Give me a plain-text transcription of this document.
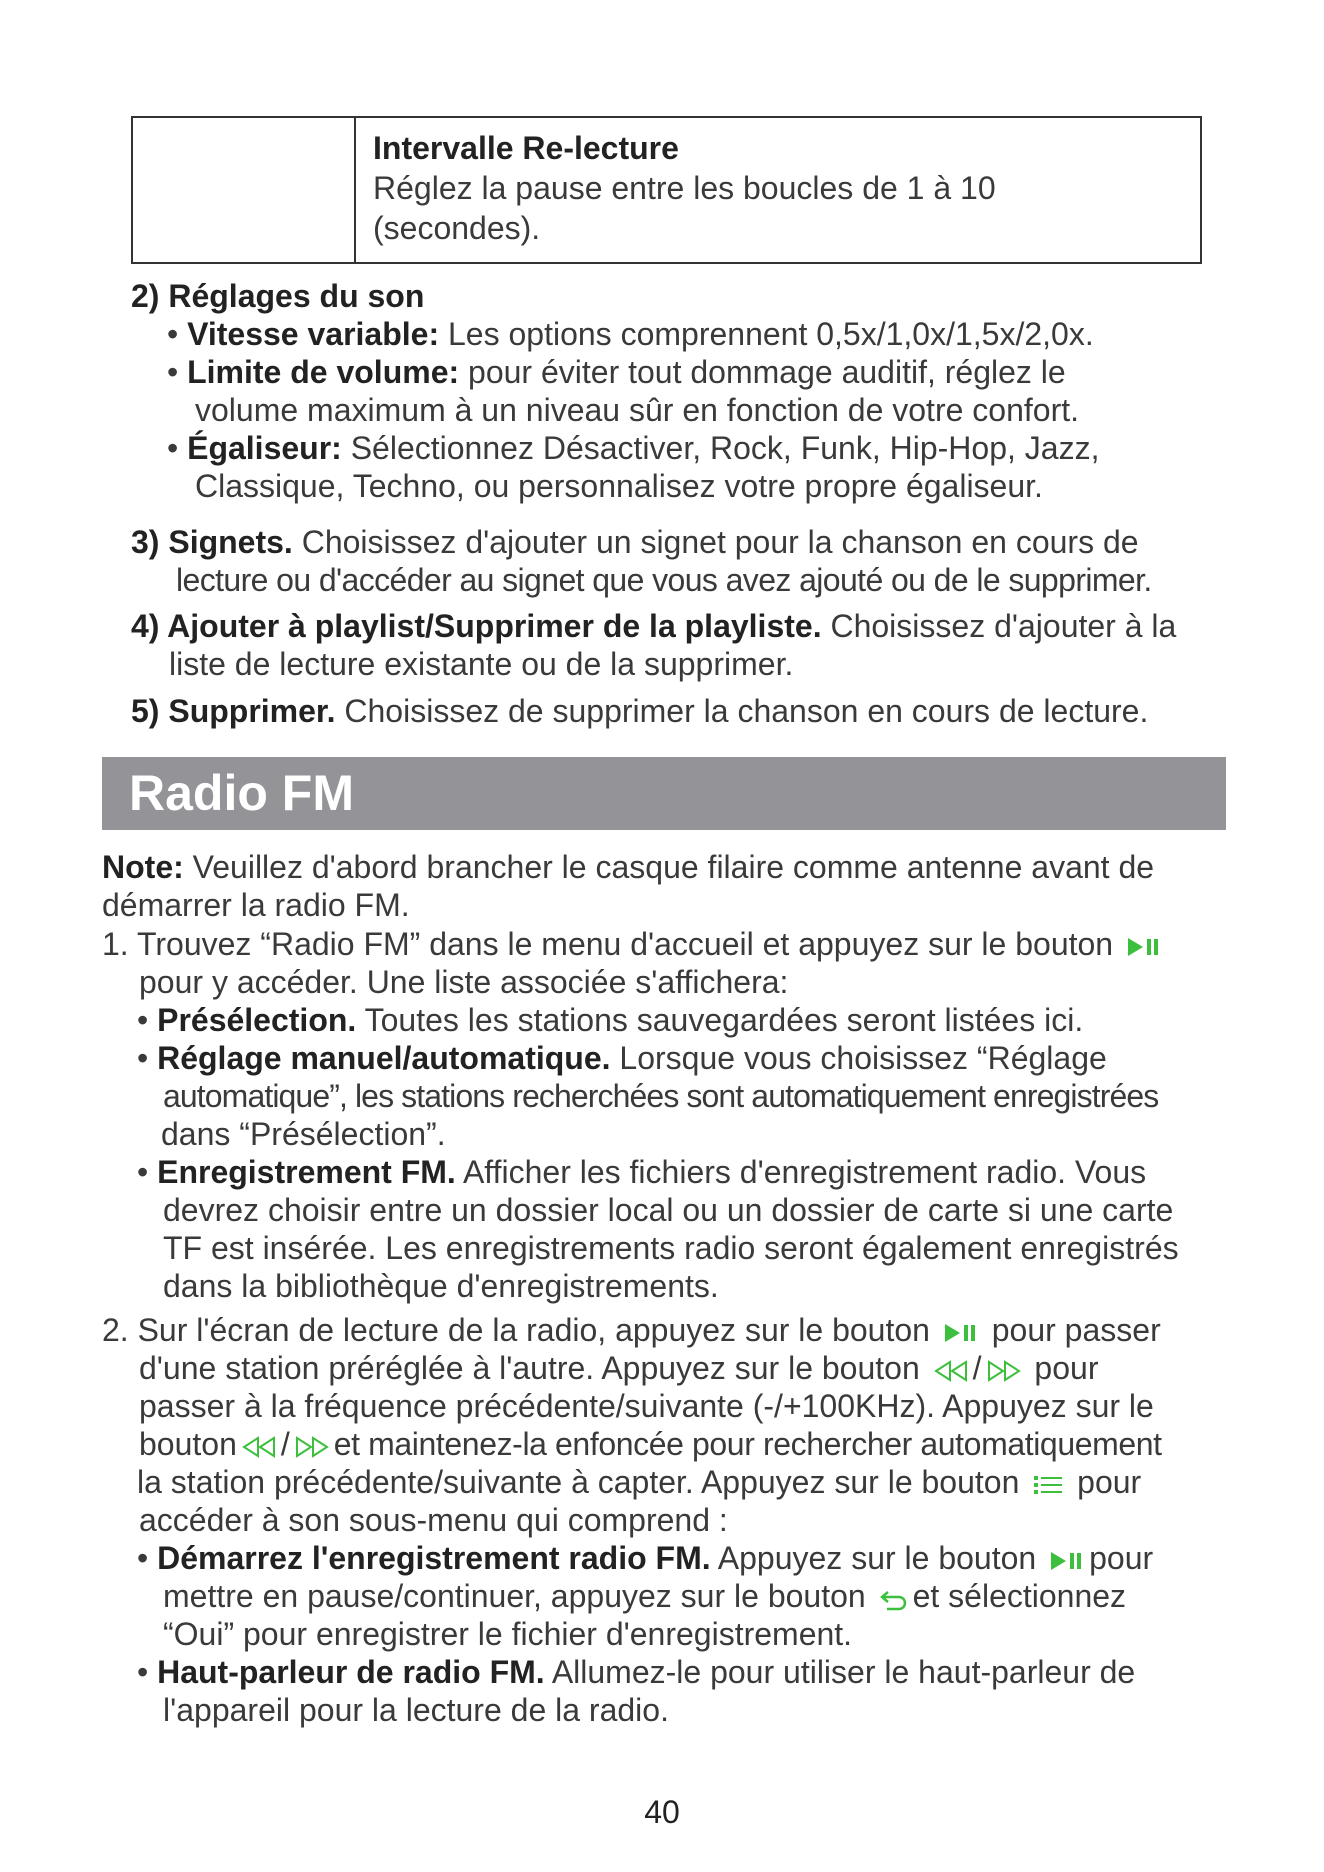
Intervalle Re-lecture
Réglez la pause entre les boucles de 1 à 10
(secondes).
2) Réglages du son
• Vitesse variable: Les options comprennent 0,5x/1,0x/1,5x/2,0x.
• Limite de volume: pour éviter tout dommage auditif, réglez le
volume maximum à un niveau sûr en fonction de votre confort.
• Égaliseur: Sélectionnez Désactiver, Rock, Funk, Hip-Hop, Jazz,
Classique, Techno, ou personnalisez votre propre égaliseur.
3) Signets. Choisissez d'ajouter un signet pour la chanson en cours de
lecture ou d'accéder au signet que vous avez ajouté ou de le supprimer.
4) Ajouter à playlist/Supprimer de la playliste. Choisissez d'ajouter à la
liste de lecture existante ou de la supprimer.
5) Supprimer. Choisissez de supprimer la chanson en cours de lecture.
Radio FM
Note: Veuillez d'abord brancher le casque filaire comme antenne avant de
démarrer la radio FM.
1. Trouvez “Radio FM” dans le menu d'accueil et appuyez sur le bouton
pour y accéder. Une liste associée s'affichera:
• Présélection. Toutes les stations sauvegardées seront listées ici.
• Réglage manuel/automatique. Lorsque vous choisissez “Réglage
automatique”, les stations recherchées sont automatiquement enregistrées
dans “Présélection”.
• Enregistrement FM. Afficher les fichiers d'enregistrement radio. Vous
devrez choisir entre un dossier local ou un dossier de carte si une carte
TF est insérée. Les enregistrements radio seront également enregistrés
dans la bibliothèque d'enregistrements.
2. Sur l'écran de lecture de la radio, appuyez sur le bouton pour passer
d'une station préréglée à l'autre. Appuyez sur le bouton / pour
passer à la fréquence précédente/suivante (-/+100KHz). Appuyez sur le
bouton / et maintenez-la enfoncée pour rechercher automatiquement
la station précédente/suivante à capter. Appuyez sur le bouton pour
accéder à son sous-menu qui comprend :
• Démarrez l'enregistrement radio FM. Appuyez sur le bouton pour
mettre en pause/continuer, appuyez sur le bouton et sélectionnez
“Oui” pour enregistrer le fichier d'enregistrement.
• Haut-parleur de radio FM. Allumez-le pour utiliser le haut-parleur de
l'appareil pour la lecture de la radio.
40
